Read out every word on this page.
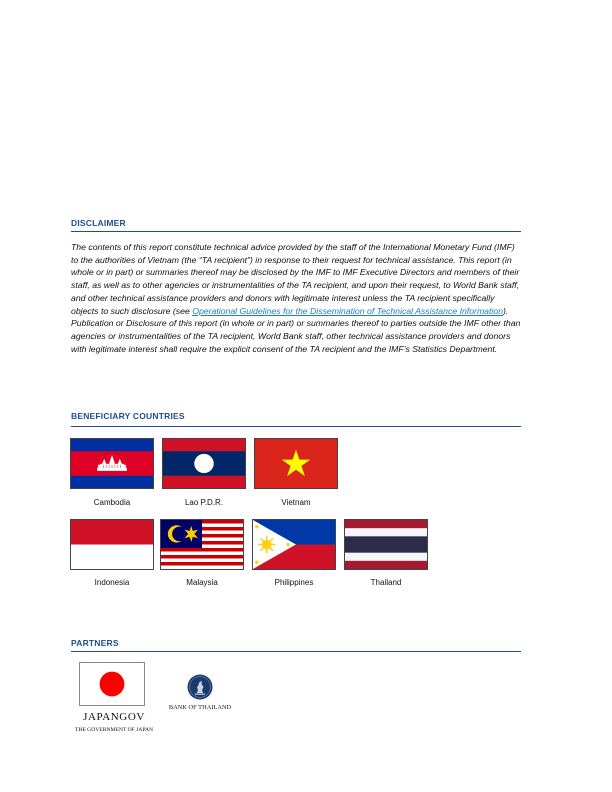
DISCLAIMER
The contents of this report constitute technical advice provided by the staff of the International Monetary Fund (IMF) to the authorities of Vietnam (the “TA recipient”) in response to their request for technical assistance. This report (in whole or in part) or summaries thereof may be disclosed by the IMF to IMF Executive Directors and members of their staff, as well as to other agencies or instrumentalities of the TA recipient, and upon their request, to World Bank staff, and other technical assistance providers and donors with legitimate interest unless the TA recipient specifically objects to such disclosure (see Operational Guidelines for the Dissemination of Technical Assistance Information). Publication or Disclosure of this report (in whole or in part) or summaries thereof to parties outside the IMF other than agencies or instrumentalities of the TA recipient, World Bank staff, other technical assistance providers and donors with legitimate interest shall require the explicit consent of the TA recipient and the IMF’s Statistics Department.
BENEFICIARY COUNTRIES
Cambodia	Lao P.D.R.	Vietnam
Indonesia	Malaysia	Philippines	Thailand
PARTNERS
JAPANGOV
THE GOVERNMENT OF JAPAN
BANK OF THAILAND
